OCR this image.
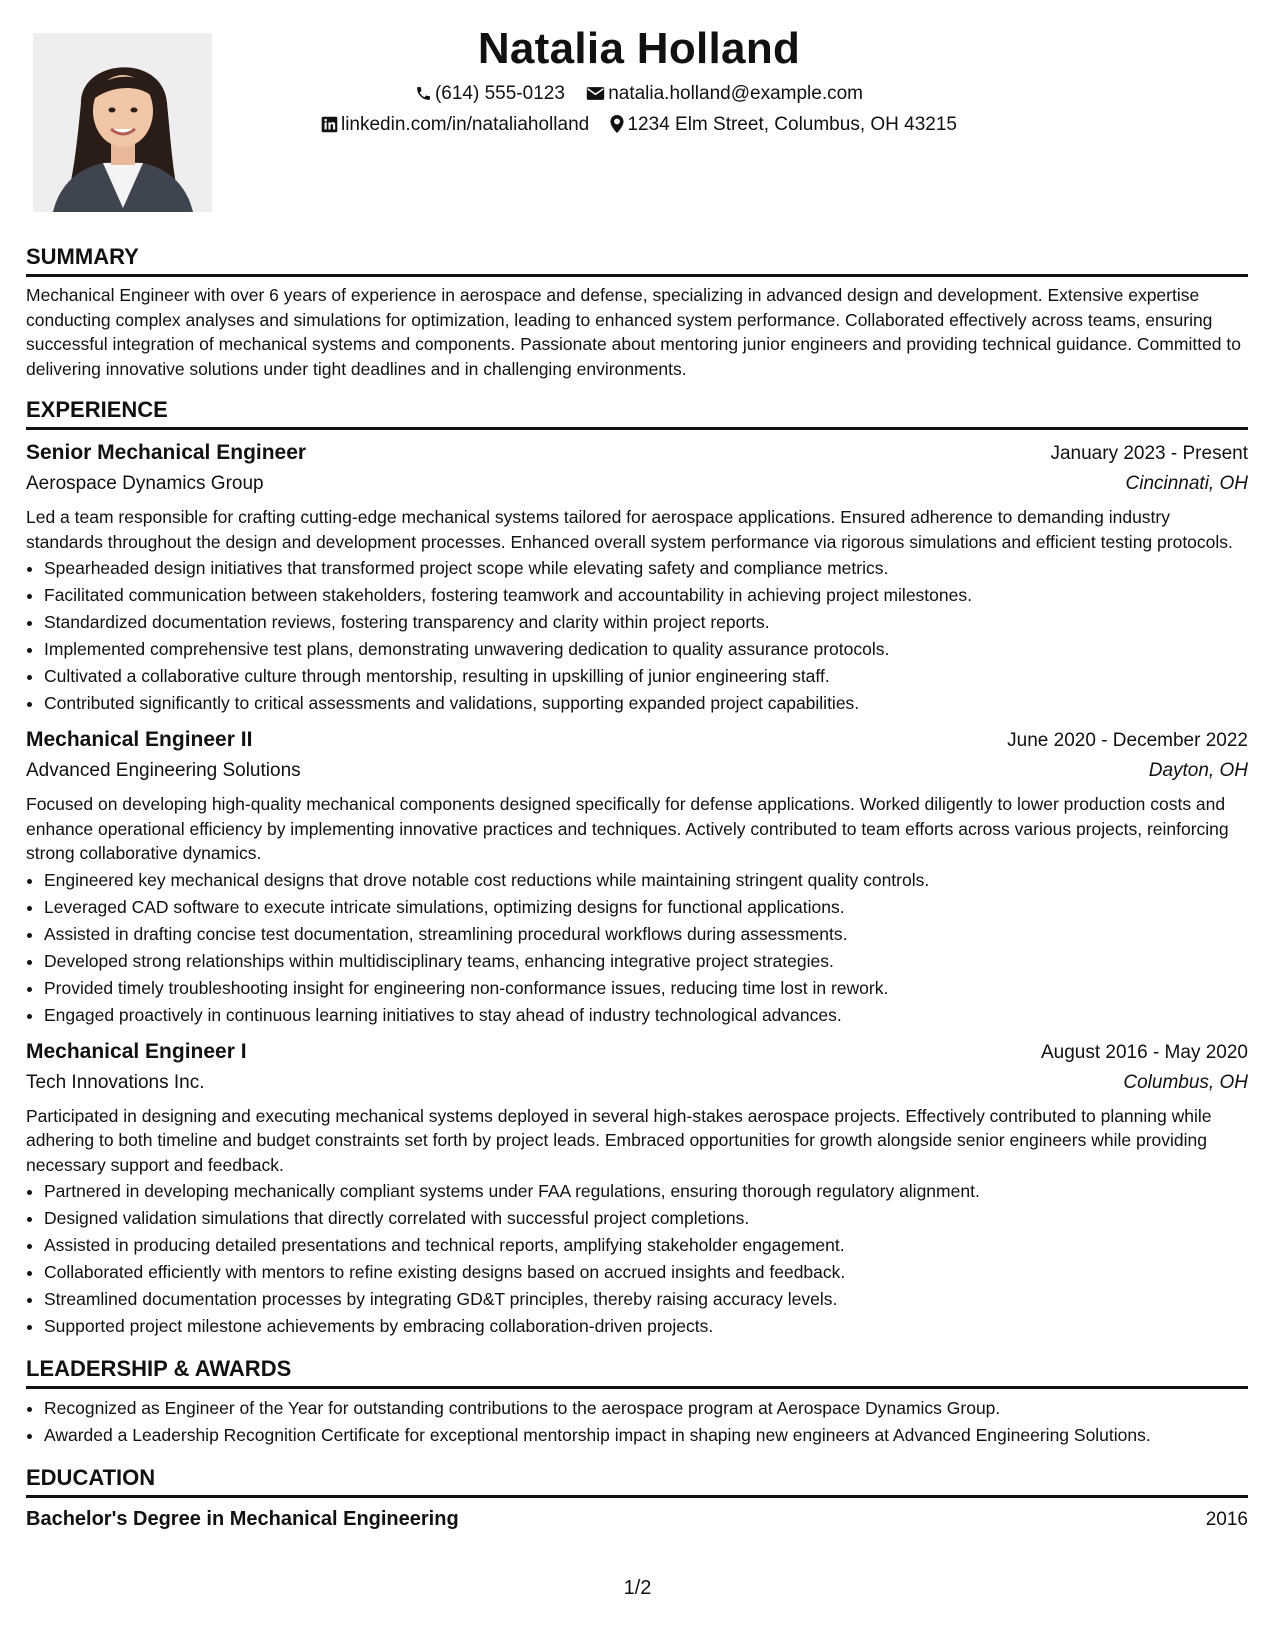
Natalia Holland
(614) 555-0123 natalia.holland@example.com
linkedin.com/in/nataliaholland 1234 Elm Street, Columbus, OH 43215
SUMMARY

Mechanical Engineer with over 6 years of experience in aerospace and defense, specializing in advanced design and development. Extensive expertise conducting complex analyses and simulations for optimization, leading to enhanced system performance. Collaborated effectively across teams, ensuring successful integration of mechanical systems and components. Passionate about mentoring junior engineers and providing technical guidance. Committed to delivering innovative solutions under tight deadlines and in challenging environments.

EXPERIENCE
Senior Mechanical Engineer	January 2023 - Present
Aerospace Dynamics Group	Cincinnati, OH

Led a team responsible for crafting cutting-edge mechanical systems tailored for aerospace applications. Ensured adherence to demanding industry standards throughout the design and development processes. Enhanced overall system performance via rigorous simulations and efficient testing protocols.

• Spearheaded design initiatives that transformed project scope while elevating safety and compliance metrics.
• Facilitated communication between stakeholders, fostering teamwork and accountability in achieving project milestones.
• Standardized documentation reviews, fostering transparency and clarity within project reports.
• Implemented comprehensive test plans, demonstrating unwavering dedication to quality assurance protocols.
• Cultivated a collaborative culture through mentorship, resulting in upskilling of junior engineering staff.
• Contributed significantly to critical assessments and validations, supporting expanded project capabilities.
Mechanical Engineer II	June 2020 - December 2022
Advanced Engineering Solutions	Dayton, OH

Focused on developing high-quality mechanical components designed specifically for defense applications. Worked diligently to lower production costs and enhance operational efficiency by implementing innovative practices and techniques. Actively contributed to team efforts across various projects, reinforcing strong collaborative dynamics.

• Engineered key mechanical designs that drove notable cost reductions while maintaining stringent quality controls.
• Leveraged CAD software to execute intricate simulations, optimizing designs for functional applications.
• Assisted in drafting concise test documentation, streamlining procedural workflows during assessments.
• Developed strong relationships within multidisciplinary teams, enhancing integrative project strategies.
• Provided timely troubleshooting insight for engineering non-conformance issues, reducing time lost in rework.
• Engaged proactively in continuous learning initiatives to stay ahead of industry technological advances.
Mechanical Engineer I	August 2016 - May 2020
Tech Innovations Inc.	Columbus, OH

Participated in designing and executing mechanical systems deployed in several high-stakes aerospace projects. Effectively contributed to planning while adhering to both timeline and budget constraints set forth by project leads. Embraced opportunities for growth alongside senior engineers while providing necessary support and feedback.

• Partnered in developing mechanically compliant systems under FAA regulations, ensuring thorough regulatory alignment.
• Designed validation simulations that directly correlated with successful project completions.
• Assisted in producing detailed presentations and technical reports, amplifying stakeholder engagement.
• Collaborated efficiently with mentors to refine existing designs based on accrued insights and feedback.
• Streamlined documentation processes by integrating GD&T principles, thereby raising accuracy levels.
• Supported project milestone achievements by embracing collaboration-driven projects.
LEADERSHIP & AWARDS
• Recognized as Engineer of the Year for outstanding contributions to the aerospace program at Aerospace Dynamics Group.
• Awarded a Leadership Recognition Certificate for exceptional mentorship impact in shaping new engineers at Advanced Engineering Solutions.
EDUCATION
Bachelor's Degree in Mechanical Engineering	2016
1/2
